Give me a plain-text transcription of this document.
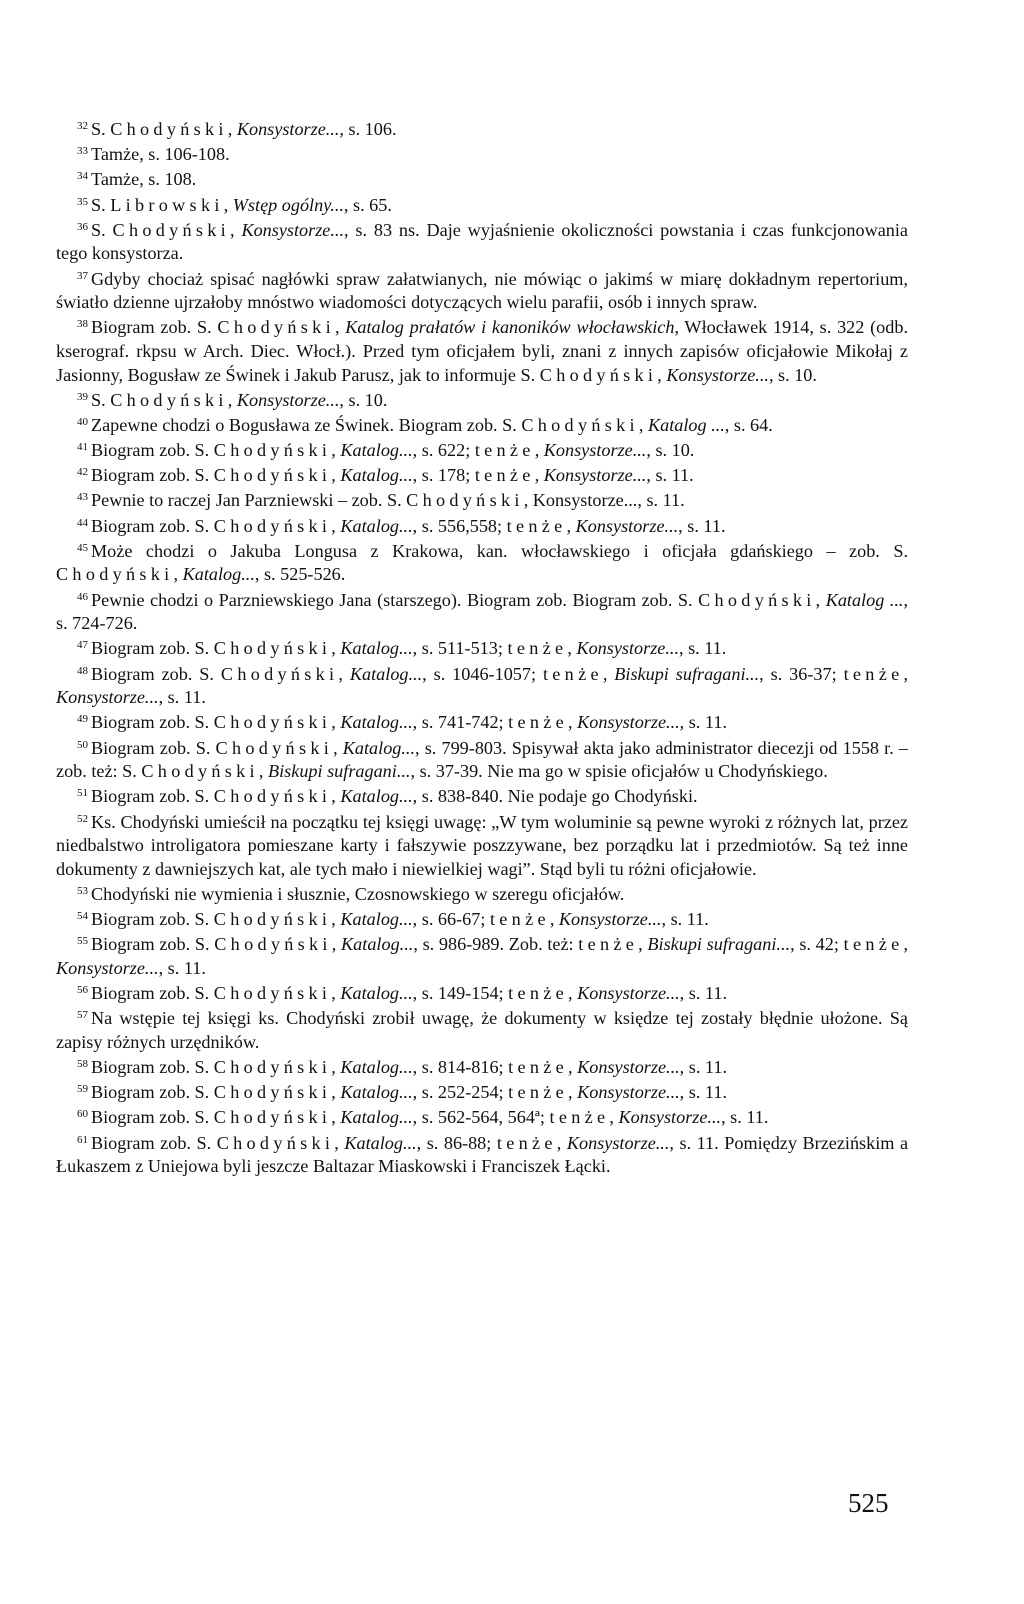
$^{32}$ S. Chodyński, Konsystorze..., s. 106.

$^{33}$ Tamże, s. 106-108.

$^{34}$ Tamże, s. 108.

$^{35}$ S. Librowski, Wstęp ogólny..., s. 65.

$^{36}$ S. Chodyński, Konsystorze..., s. 83 ns. Daje wyjaśnienie okoliczności powstania i czas funkcjonowania tego konsystorza.

$^{37}$ Gdyby chociaż spisać nagłówki spraw załatwianych, nie mówiąc o jakimś w miarę dokładnym repertorium, światło dzienne ujrzałoby mnóstwo wiadomości dotyczących wielu parafii, osób i innych spraw.

$^{38}$ Biogram zob. S. Chodyński, Katalog prałatów i kanoników włocławskich, Włocławek 1914, s. 322 (odb. kserograf. rkpsu w Arch. Diec. Włocł.). Przed tym oficjałem byli, znani z innych zapisów oficjałowie Mikołaj z Jasionny, Bogusław ze Świnek i Jakub Parusz, jak to informuje S. Chodyński, Konsystorze..., s. 10.

$^{39}$ S. Chodyński, Konsystorze..., s. 10.

$^{40}$ Zapewne chodzi o Bogusława ze Świnek. Biogram zob. S. Chodyński, Katalog ..., s. 64.

$^{41}$ Biogram zob. S. Chodyński, Katalog..., s. 622; tenże, Konsystorze..., s. 10.

$^{42}$ Biogram zob. S. Chodyński, Katalog..., s. 178; tenże, Konsystorze..., s. 11.

$^{43}$ Pewnie to raczej Jan Parzniewski – zob. S. Chodyński, Konsystorze..., s. 11.

$^{44}$ Biogram zob. S. Chodyński, Katalog..., s. 556,558; tenże, Konsystorze..., s. 11.

$^{45}$ Może chodzi o Jakuba Longusa z Krakowa, kan. włocławskiego i oficjała gdańskiego – zob. S. Chodyński, Katalog..., s. 525-526.

$^{46}$ Pewnie chodzi o Parzniewskiego Jana (starszego). Biogram zob. Biogram zob. S. Chodyński, Katalog ..., s. 724-726.

$^{47}$ Biogram zob. S. Chodyński, Katalog..., s. 511-513; tenże, Konsystorze..., s. 11.

$^{48}$ Biogram zob. S. Chodyński, Katalog..., s. 1046-1057; tenże, Biskupi sufragani..., s. 36-37; tenże, Konsystorze..., s. 11.

$^{49}$ Biogram zob. S. Chodyński, Katalog..., s. 741-742; tenże, Konsystorze..., s. 11.

$^{50}$ Biogram zob. S. Chodyński, Katalog..., s. 799-803. Spisywał akta jako administrator diecezji od 1558 r. – zob. też: S. Chodyński, Biskupi sufragani..., s. 37-39. Nie ma go w spisie oficjałów u Chodyńskiego.

$^{51}$ Biogram zob. S. Chodyński, Katalog..., s. 838-840. Nie podaje go Chodyński.

$^{52}$ Ks. Chodyński umieścił na początku tej księgi uwagę: „W tym woluminie są pewne wyroki z różnych lat, przez niedbalstwo introligatora pomieszane karty i fałszywie poszzywane, bez porządku lat i przedmiotów. Są też inne dokumenty z dawniejszych kat, ale tych mało i niewielkiej wagi”. Stąd byli tu różni oficjałowie.

$^{53}$ Chodyński nie wymienia i słusznie, Czosnowskiego w szeregu oficjałów.

$^{54}$ Biogram zob. S. Chodyński, Katalog..., s. 66-67; tenże, Konsystorze..., s. 11.

$^{55}$ Biogram zob. S. Chodyński, Katalog..., s. 986-989. Zob. też: tenże, Biskupi sufragani..., s. 42; tenże, Konsystorze..., s. 11.

$^{56}$ Biogram zob. S. Chodyński, Katalog..., s. 149-154; tenże, Konsystorze..., s. 11.

$^{57}$ Na wstępie tej księgi ks. Chodyński zrobił uwagę, że dokumenty w księdze tej zostały błędnie ułożone. Są zapisy różnych urzędników.

$^{58}$ Biogram zob. S. Chodyński, Katalog..., s. 814-816; tenże, Konsystorze..., s. 11.

$^{59}$ Biogram zob. S. Chodyński, Katalog..., s. 252-254; tenże, Konsystorze..., s. 11.

$^{60}$ Biogram zob. S. Chodyński, Katalog..., s. 562-564, 564ª; tenże, Konsystorze..., s. 11.

$^{61}$ Biogram zob. S. Chodyński, Katalog..., s. 86-88; tenże, Konsystorze..., s. 11. Pomiędzy Brzezińskim a Łukaszem z Uniejowa byli jeszcze Baltazar Miaskowski i Franciszek Łącki.

525
